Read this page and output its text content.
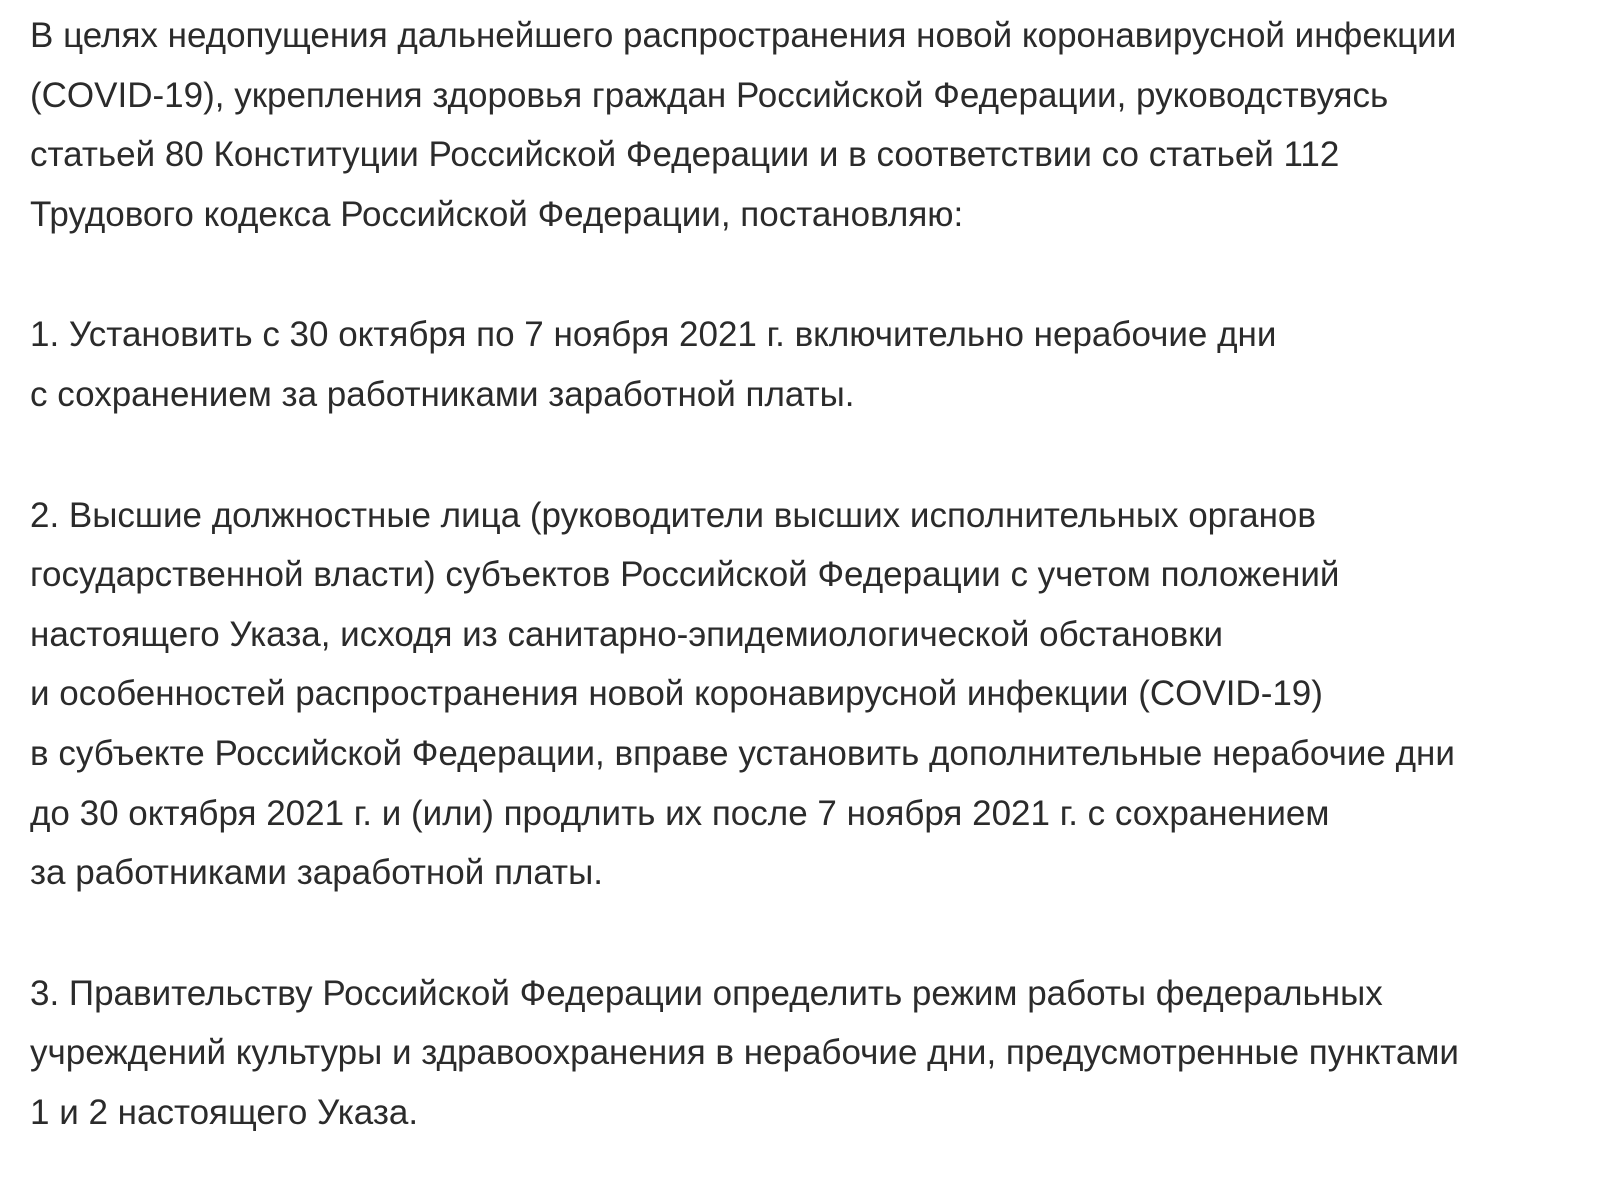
В целях недопущения дальнейшего распространения новой коронавирусной инфекции
(COVID-19), укрепления здоровья граждан Российской Федерации, руководствуясь
статьей 80 Конституции Российской Федерации и в соответствии со статьей 112
Трудового кодекса Российской Федерации, постановляю:
1. Установить с 30 октября по 7 ноября 2021 г. включительно нерабочие дни
с сохранением за работниками заработной платы.
2. Высшие должностные лица (руководители высших исполнительных органов
государственной власти) субъектов Российской Федерации с учетом положений
настоящего Указа, исходя из санитарно-эпидемиологической обстановки
и особенностей распространения новой коронавирусной инфекции (COVID-19)
в субъекте Российской Федерации, вправе установить дополнительные нерабочие дни
до 30 октября 2021 г. и (или) продлить их после 7 ноября 2021 г. с сохранением
за работниками заработной платы.
3. Правительству Российской Федерации определить режим работы федеральных
учреждений культуры и здравоохранения в нерабочие дни, предусмотренные пунктами
1 и 2 настоящего Указа.
